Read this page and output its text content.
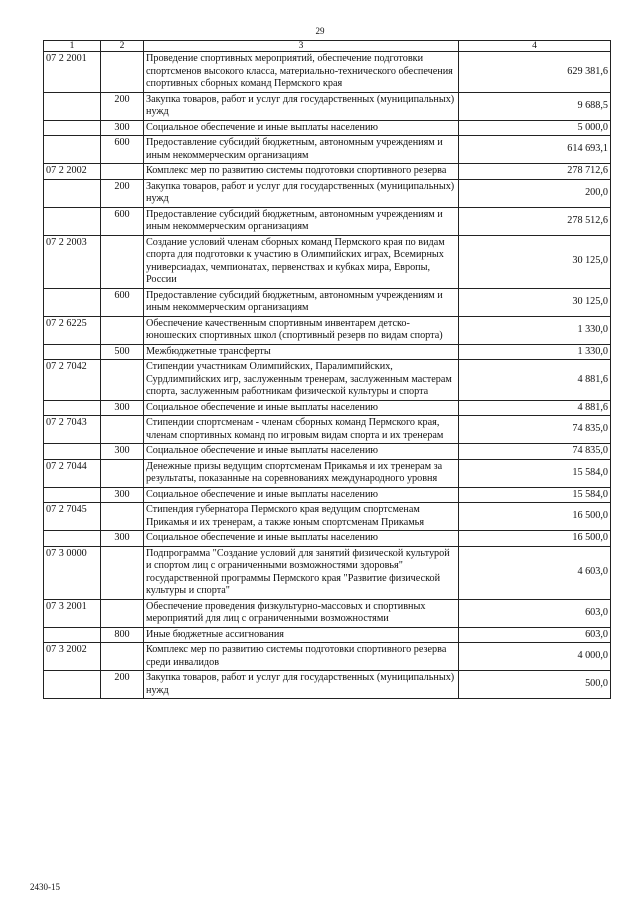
29
1	2	3	4
07 2 2001		Проведение спортивных мероприятий, обеспечение подготовки спортсменов высокого класса, материально-технического обеспечения спортивных сборных команд Пермского края	629 381,6
	200	Закупка товаров, работ и услуг для государственных (муниципальных) нужд	9 688,5
	300	Социальное обеспечение и иные выплаты населению	5 000,0
	600	Предоставление субсидий бюджетным, автономным учреждениям и иным некоммерческим организациям	614 693,1
07 2 2002		Комплекс мер по развитию системы подготовки спортивного резерва	278 712,6
	200	Закупка товаров, работ и услуг для государственных (муниципальных) нужд	200,0
	600	Предоставление субсидий бюджетным, автономным учреждениям и иным некоммерческим организациям	278 512,6
07 2 2003		Создание условий членам сборных команд Пермского края по видам спорта для подготовки к участию в Олимпийских играх, Всемирных универсиадах, чемпионатах, первенствах и кубках мира, Европы, России	30 125,0
	600	Предоставление субсидий бюджетным, автономным учреждениям и иным некоммерческим организациям	30 125,0
07 2 6225		Обеспечение качественным спортивным инвентарем детско-юношеских спортивных школ (спортивный резерв по видам спорта)	1 330,0
	500	Межбюджетные трансферты	1 330,0
07 2 7042		Стипендии участникам Олимпийских, Паралимпийских, Сурдлимпийских игр, заслуженным тренерам, заслуженным мастерам спорта, заслуженным работникам физической культуры и спорта	4 881,6
	300	Социальное обеспечение и иные выплаты населению	4 881,6
07 2 7043		Стипендии спортсменам - членам сборных команд Пермского края, членам спортивных команд по игровым видам спорта и их тренерам	74 835,0
	300	Социальное обеспечение и иные выплаты населению	74 835,0
07 2 7044		Денежные призы ведущим спортсменам Прикамья и их тренерам за результаты, показанные на соревнованиях международного уровня	15 584,0
	300	Социальное обеспечение и иные выплаты населению	15 584,0
07 2 7045		Стипендия губернатора Пермского края ведущим спортсменам Прикамья и их тренерам, а также юным спортсменам Прикамья	16 500,0
	300	Социальное обеспечение и иные выплаты населению	16 500,0
07 3 0000		Подпрограмма "Создание условий для занятий физической культурой и спортом лиц с ограниченными возможностями здоровья" государственной программы Пермского края "Развитие физической культуры и спорта"	4 603,0
07 3 2001		Обеспечение проведения физкультурно-массовых и спортивных мероприятий для лиц с ограниченными возможностями	603,0
	800	Иные бюджетные ассигнования	603,0
07 3 2002		Комплекс мер по развитию системы подготовки спортивного резерва среди инвалидов	4 000,0
	200	Закупка товаров, работ и услуг для государственных (муниципальных) нужд	500,0
2430-15
